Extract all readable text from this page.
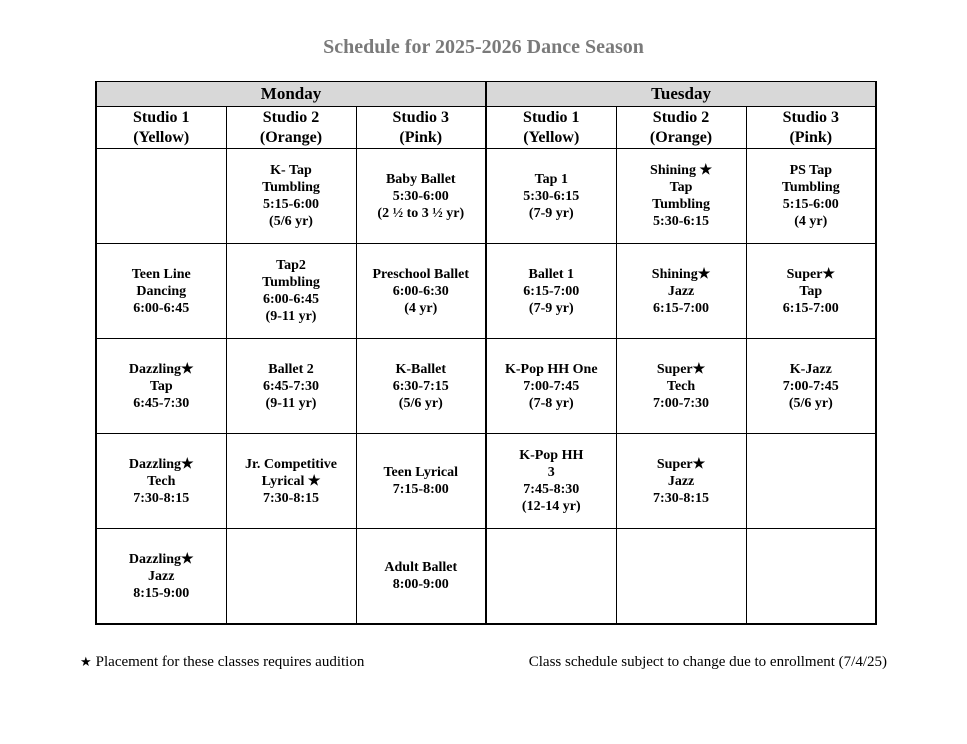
Schedule for 2025-2026 Dance Season
Monday			Tuesday		

Studio 1
(Yellow)	Studio 2
(Orange)	Studio 3
(Pink)	Studio 1
(Yellow)	Studio 2
(Orange)	Studio 3
(Pink)

	K- Tap
Tumbling
5:15-6:00
(5/6 yr)	Baby Ballet
5:30-6:00
(2 ½ to 3 ½ yr)	Tap 1
5:30-6:15
(7-9 yr)	Shining ★
Tap
Tumbling
5:30-6:15	PS Tap
Tumbling
5:15-6:00
(4 yr)

Teen Line
Dancing
6:00-6:45	Tap2
Tumbling
6:00-6:45
(9-11 yr)	Preschool Ballet
6:00-6:30
(4 yr)	Ballet 1
6:15-7:00
(7-9 yr)	Shining★
Jazz
6:15-7:00	Super★
Tap
6:15-7:00

Dazzling★
Tap
6:45-7:30	Ballet 2
6:45-7:30
(9-11 yr)	K-Ballet
6:30-7:15
(5/6 yr)	K-Pop HH One
7:00-7:45
(7-8 yr)	Super★
Tech
7:00-7:30	K-Jazz
7:00-7:45
(5/6 yr)

Dazzling★
Tech
7:30-8:15	Jr. Competitive
Lyrical ★
7:30-8:15	Teen Lyrical
7:15-8:00	K-Pop HH
3
7:45-8:30
(12-14 yr)	Super★
Jazz
7:30-8:15	

Dazzling★
Jazz
8:15-9:00		Adult Ballet
8:00-9:00			

★ Placement for these classes requires audition	Class schedule subject to change due to enrollment (7/4/25)
